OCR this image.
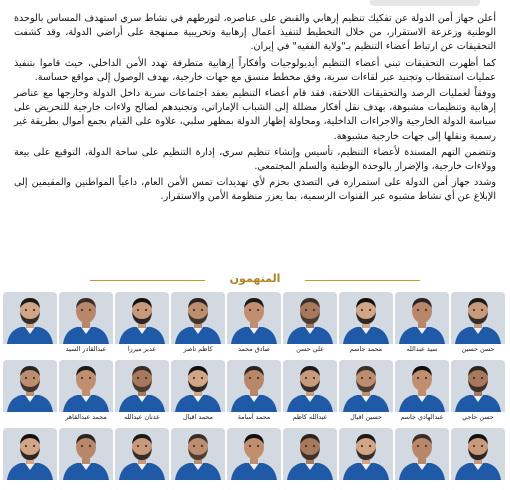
أعلن جهاز أمن الدولة عن تفكيك تنظيم إرهابي والقبض على عناصره، لتورطهم في نشاط سري استهدف المساس بالوحدة الوطنية وزعزعة الاستقرار، من خلال التخطيط لتنفيذ أعمال إرهابية وتخريبية ممنهجة على أراضي الدولة، وقد كشفت التحقيقات عن ارتباط أعضاء التنظيم بـ"ولاية الفقيه" في إيران.

كما أظهرت التحقيقات تبني أعضاء التنظيم أيديولوجيات وأفكاراً إرهابية متطرفة تهدد الأمن الداخلي، حيث قاموا بتنفيذ عمليات استقطاب وتجنيد عبر لقاءات سرية، وفق مخطط منسق مع جهات خارجية، بهدف الوصول إلى مواقع حساسة.

ووفقاً لعمليات الرصد والتحقيقات اللاحقة، فقد قام أعضاء التنظيم بعقد اجتماعات سرية داخل الدولة وخارجها مع عناصر إرهابية وتنظيمات مشبوهة، بهدف نقل أفكار مضللة إلى الشباب الإماراتي، وتجنيدهم لصالح ولاءات خارجية للتحريض على سياسة الدولة الخارجية والاجراءات الداخلية، ومحاولة إظهار الدولة بمظهر سلبي، علاوة على القيام بجمع أموال بطريقة غير رسمية ونقلها إلى جهات خارجية مشبوهة.

وتتضمن التهم المسندة لأعضاء التنظيم، تأسيس وإنشاء تنظيم سري، إدارة التنظيم على ساحة الدولة، التوقيع على بيعة وولاءات خارجية، والإضرار بالوحدة الوطنية والسلم المجتمعي.

وشدد جهاز أمن الدولة على استمراره في التصدي بحزم لأي تهديدات تمس الأمن العام، داعياً المواطنين والمقيمين إلى الإبلاغ عن أي نشاط مشبوه عبر القنوات الرسمية، بما يعزز منظومة الأمن والاستقرار.

المتهمون
حسن حسين
سيد عبدالله
محمد جاسم
علي حسن
صادق محمد
كاظم ناصر
عدير ميرزا
عبدالقادر السيد
حسن حاجي
عبدالهادي جاسم
حسين اقبال
عبدالله كاظم
محمد أسامة
محمد اقبال
عدنان عبدالله
محمد عبدالقاهر
